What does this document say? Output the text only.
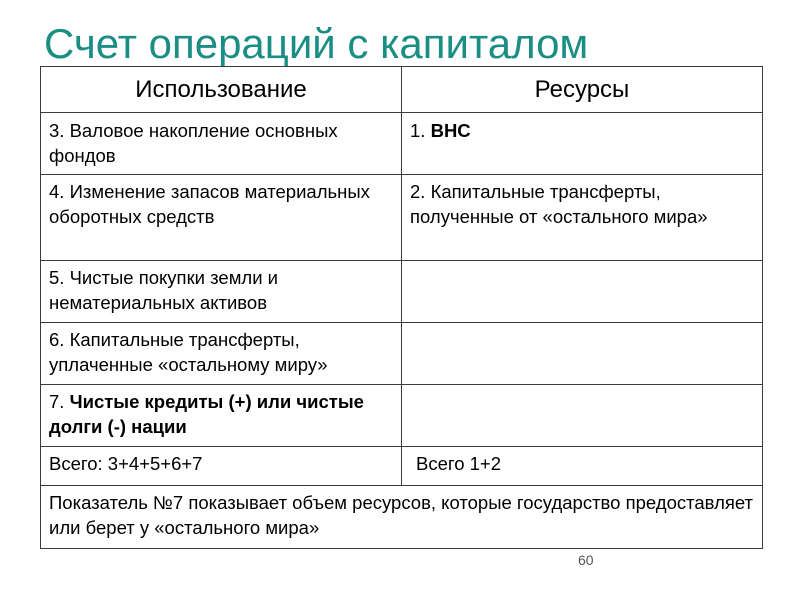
Счет операций с капиталом
Использование	Ресурсы
3. Валовое накопление основных фондов	1. ВНС
4. Изменение запасов материальных оборотных средств	2. Капитальные трансферты, полученные от «остального мира»
5. Чистые покупки земли и нематериальных активов	
6. Капитальные трансферты, уплаченные «остальному миру»	
7. Чистые кредиты (+) или чистые долги (-) нации	
Всего: 3+4+5+6+7	Всего 1+2
Показатель №7 показывает объем ресурсов, которые государство предоставляет или берет у «остального мира»	
60
